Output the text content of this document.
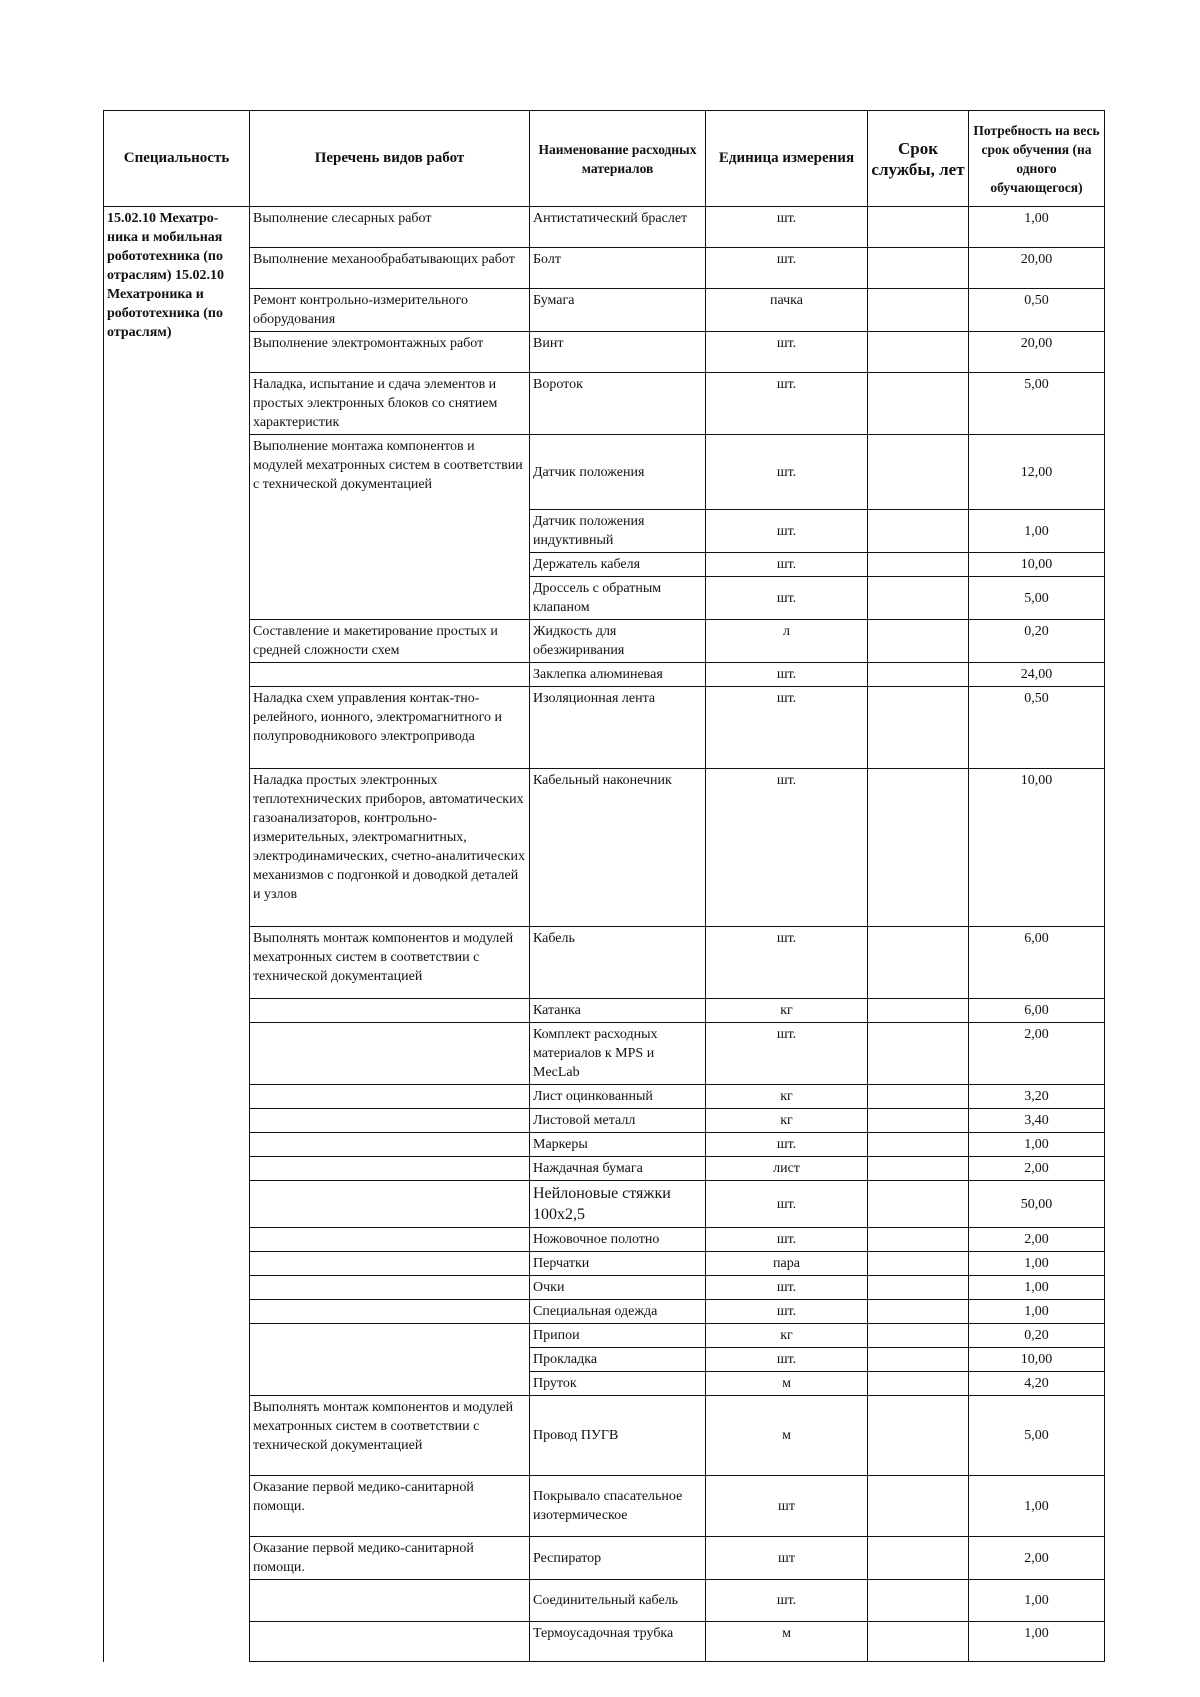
Специальность	Перечень видов работ	Наименование расходных материалов	Единица измерения	Срок службы, лет	Потребность на весь срок обучения (на одного обучающегося)
15.02.10 Мехатро-ника и мобильная робототехника (по отраслям) 15.02.10 Мехатроника и робототехника (по отраслям)	Выполнение слесарных работ	Антистатический браслет	шт.		1,00
	Выполнение механообрабатывающих работ	Болт	шт.		20,00
	Ремонт контрольно-измерительного оборудования	Бумага	пачка		0,50
	Выполнение электромонтажных работ	Винт	шт.		20,00
	Наладка, испытание и сдача элементов и простых электронных блоков со снятием характеристик	Вороток	шт.		5,00
	Выполнение монтажа компонентов и модулей мехатронных систем в соответствии с технической документацией	Датчик положения	шт.		12,00
		Датчик положения индуктивный	шт.		1,00
		Держатель кабеля	шт.		10,00
		Дроссель с обратным клапаном	шт.		5,00
	Составление и макетирование простых и средней сложности схем	Жидкость для обезжиривания	л		0,20
		Заклепка алюминевая	шт.		24,00
	Наладка схем управления контак-тно-релейного, ионного, электромагнитного и полупроводникового электропривода	Изоляционная лента	шт.		0,50
	Наладка простых электронных теплотехнических приборов, автоматических газоанализаторов, контрольно-измерительных, электромагнитных, электродинамических, счетно-аналитических механизмов с подгонкой и доводкой деталей и узлов	Кабельный наконечник	шт.		10,00
	Выполнять монтаж компонентов и модулей мехатронных систем в соответствии с технической документацией	Кабель	шт.		6,00
		Катанка	кг		6,00
		Комплект расходных материалов к MPS и MecLab	шт.		2,00
		Лист оцинкованный	кг		3,20
		Листовой металл	кг		3,40
		Маркеры	шт.		1,00
		Наждачная бумага	лист		2,00
		Нейлоновые стяжки 100х2,5	шт.		50,00
		Ножовочное полотно	шт.		2,00
		Перчатки	пара		1,00
		Очки	шт.		1,00
		Специальная одежда	шт.		1,00
		Припои	кг		0,20
		Прокладка	шт.		10,00
		Пруток	м		4,20
	Выполнять монтаж компонентов и модулей мехатронных систем в соответствии с технической документацией	Провод ПУГВ	м		5,00
	Оказание первой медико-санитарной помощи.	Покрывало спасательное изотермическое	шт		1,00
	Оказание первой медико-санитарной помощи.	Респиратор	шт		2,00
		Соединительный кабель	шт.		1,00
		Термоусадочная трубка	м		1,00
